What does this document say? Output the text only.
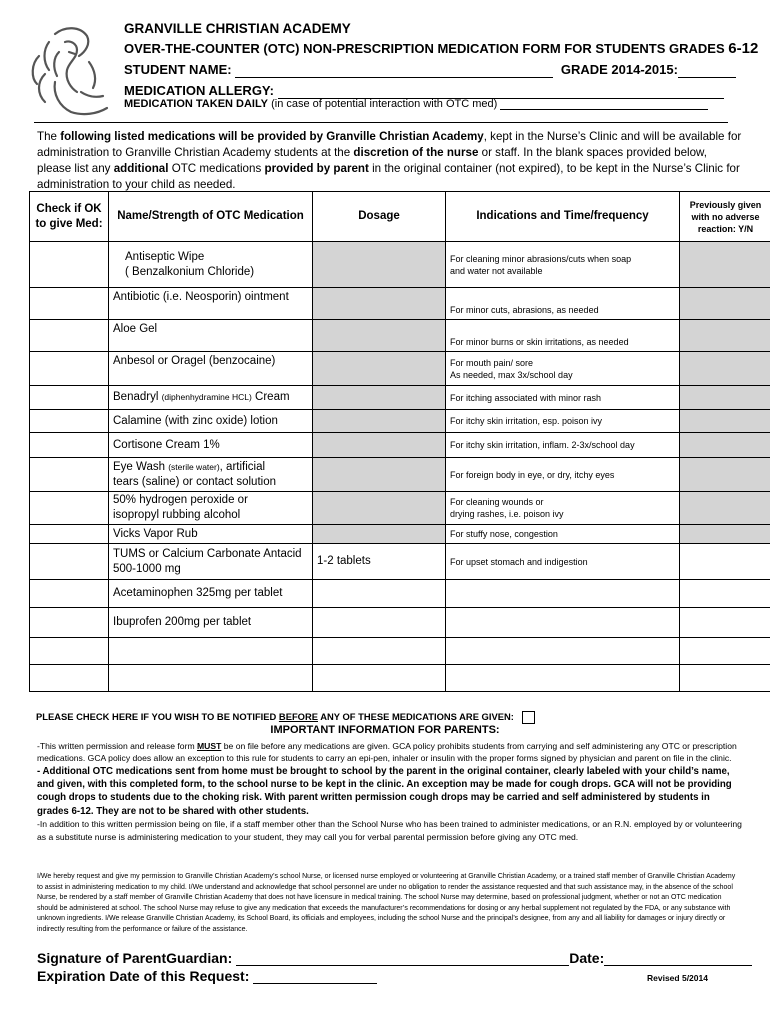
GRANVILLE CHRISTIAN ACADEMY
OVER-THE-COUNTER (OTC) NON-PRESCRIPTION MEDICATION FORM FOR STUDENTS GRADES 6-12
STUDENT NAME:	GRADE 2014-2015:
MEDICATION ALLERGY:
MEDICATION TAKEN DAILY (in case of potential interaction with OTC med)
The following listed medications will be provided by Granville Christian Academy, kept in the Nurse’s Clinic and will be available for administration to Granville Christian Academy students at the discretion of the nurse or staff. In the blank spaces provided below, please list any additional OTC medications provided by parent in the original container (not expired), to be kept in the Nurse’s Clinic for administration to your child as needed.
Check if OK to give Med:	Name/Strength of OTC Medication	Dosage	Indications and Time/frequency	Previously given with no adverse reaction: Y/N
	Antiseptic Wipe
( Benzalkonium Chloride)		For cleaning minor abrasions/cuts when soap
and water not available	
	Antibiotic (i.e. Neosporin) ointment		For minor cuts, abrasions, as needed	
	Aloe Gel		For minor burns or skin irritations, as needed	
	Anbesol or Oragel (benzocaine)		For mouth pain/ sore
As needed, max 3x/school day	
	Benadryl (diphenhydramine HCL) Cream		For itching associated with minor rash	
	Calamine (with zinc oxide) lotion		For itchy skin irritation, esp. poison ivy	
	Cortisone Cream 1%		For itchy skin irritation, inflam. 2-3x/school day	
	Eye Wash (sterile water), artificial
tears (saline) or contact solution		For foreign body in eye, or dry, itchy eyes	
	50% hydrogen peroxide or
isopropyl rubbing alcohol		For cleaning wounds or
drying rashes, i.e. poison ivy	
	Vicks Vapor Rub		For stuffy nose, congestion	
	TUMS or Calcium Carbonate Antacid
500-1000 mg	1-2 tablets	For upset stomach and indigestion	
	Acetaminophen 325mg per tablet			
	Ibuprofen 200mg per tablet			

PLEASE CHECK HERE IF YOU WISH TO BE NOTIFIED BEFORE ANY OF THESE MEDICATIONS ARE GIVEN:
IMPORTANT INFORMATION FOR PARENTS:
-This written permission and release form MUST be on file before any medications are given. GCA policy prohibits students from carrying and self administering any OTC or prescription medications. GCA policy does allow an exception to this rule for students to carry an epi-pen, inhaler or insulin with the proper forms signed by physician and parent on file in the clinic.
- Additional OTC medications sent from home must be brought to school by the parent in the original container, clearly labeled with your child’s name, and given, with this completed form, to the school nurse to be kept in the clinic. An exception may be made for cough drops. GCA will not be providing cough drops to students due to the choking risk. With parent written permission cough drops may be carried and self administered by students in grades 6-12. They are not to be shared with other students.
-In addition to this written permission being on file, if a staff member other than the School Nurse who has been trained to administer medications, or an R.N. employed by or volunteering as a substitute nurse is administering medication to your student, they may call you for verbal parental permission before giving any OTC med.
I/We hereby request and give my permission to Granville Christian Academy’s school Nurse, or licensed nurse employed or volunteering at Granville Christian Academy, or a trained staff member of Granville Christian Academy to assist in administering medication to my child. I/We understand and acknowledge that school personnel are under no obligation to render the assistance requested and that such assistance may, in the absence of the school Nurse, be rendered by a staff member of Granville Christian Academy that does not have licensure in medical training. The school Nurse may determine, based on professional judgment, whether or not an OTC medication should be administered at school. The school Nurse may refuse to give any medication that exceeds the manufacturer’s recommendations for dosing or any herbal supplement not regulated by the FDA, or any substance with unknown ingredients. I/We release Granville Christian Academy, its School Board, its officials and employees, including the school Nurse and the principal’s designee, from any and all liability for damages or injury directly or indirectly resulting from the performance or failure of the assistance.
Signature of ParentGuardian:	Date:
Expiration Date of this Request:	Revised 5/2014
